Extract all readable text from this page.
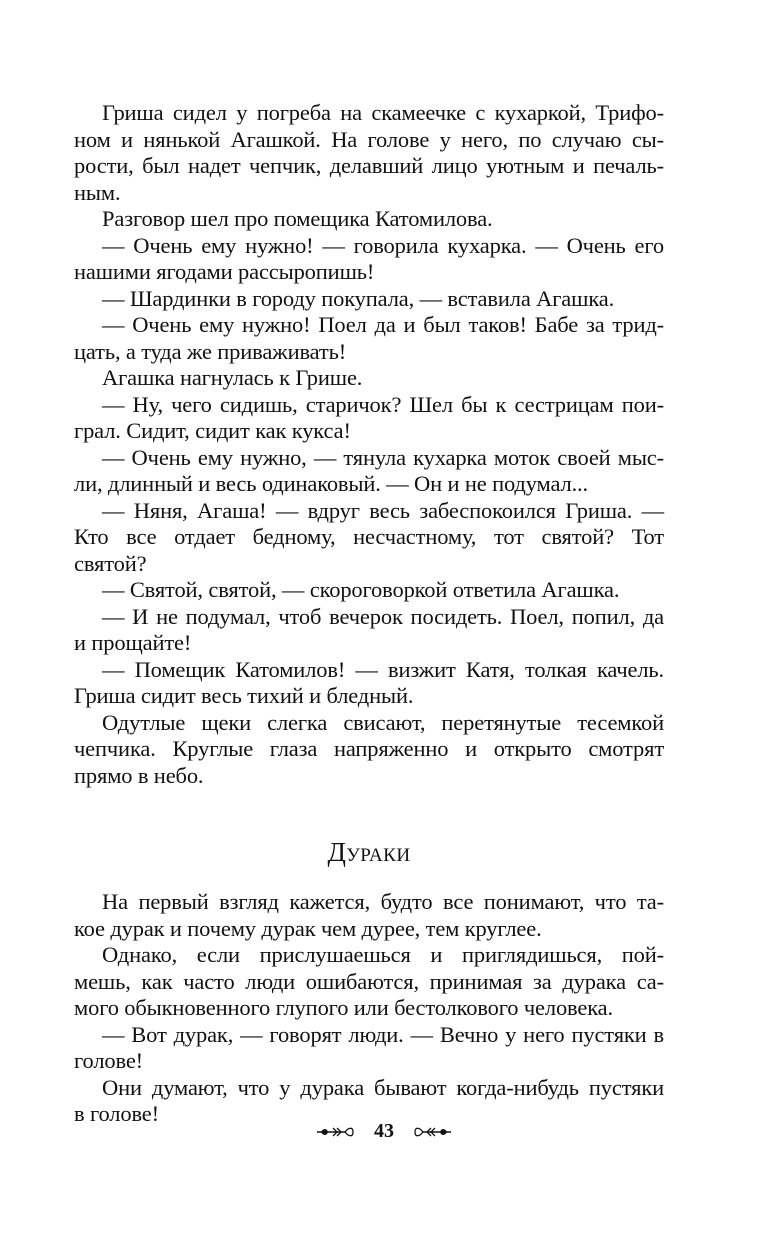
Гриша сидел у погреба на скамеечке с кухаркой, Трифо-
ном и нянькой Агашкой. На голове у него, по случаю сы-
рости, был надет чепчик, делавший лицо уютным и печаль-
ным.
Разговор шел про помещика Катомилова.
— Очень ему нужно! — говорила кухарка. — Очень его
нашими ягодами рассыропишь!
— Шардинки в городу покупала, — вставила Агашка.
— Очень ему нужно! Поел да и был таков! Бабе за трид-
цать, а туда же приваживать!
Агашка нагнулась к Грише.
— Ну, чего сидишь, старичок? Шел бы к сестрицам пои-
грал. Сидит, сидит как кукса!
— Очень ему нужно, — тянула кухарка моток своей мыс-
ли, длинный и весь одинаковый. — Он и не подумал...
— Няня, Агаша! — вдруг весь забеспокоился Гриша. —
Кто все отдает бедному, несчастному, тот святой? Тот
святой?
— Святой, святой, — скороговоркой ответила Агашка.
— И не подумал, чтоб вечерок посидеть. Поел, попил, да
и прощайте!
— Помещик Катомилов! — визжит Катя, толкая качель.
Гриша сидит весь тихий и бледный.
Одутлые щеки слегка свисают, перетянутые тесемкой
чепчика. Круглые глаза напряженно и открыто смотрят
прямо в небо.
Дураки
На первый взгляд кажется, будто все понимают, что та-
кое дурак и почему дурак чем дурее, тем круглее.
Однако, если прислушаешься и приглядишься, пой-
мешь, как часто люди ошибаются, принимая за дурака са-
мого обыкновенного глупого или бестолкового человека.
— Вот дурак, — говорят люди. — Вечно у него пустяки в
голове!
Они думают, что у дурака бывают когда-нибудь пустяки
в голове!
43
